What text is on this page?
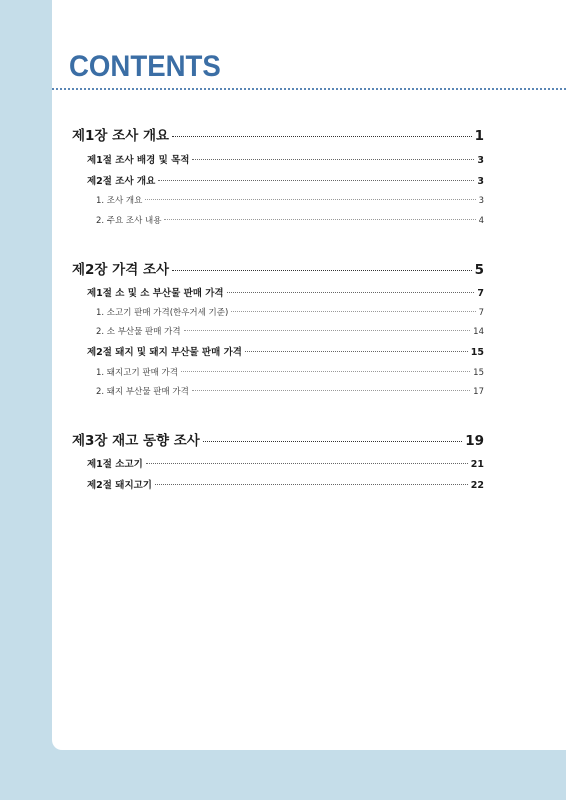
CONTENTS
제1장 조사 개요	1
제1절 조사 배경 및 목적	3
제2절 조사 개요	3
1. 조사 개요	3
2. 주요 조사 내용	4
제2장 가격 조사	5
제1절 소 및 소 부산물 판매 가격	7
1. 소고기 판매 가격(한우거세 기준)	7
2. 소 부산물 판매 가격	14
제2절 돼지 및 돼지 부산물 판매 가격	15
1. 돼지고기 판매 가격	15
2. 돼지 부산물 판매 가격	17
제3장 재고 동향 조사	19
제1절 소고기	21
제2절 돼지고기	22
